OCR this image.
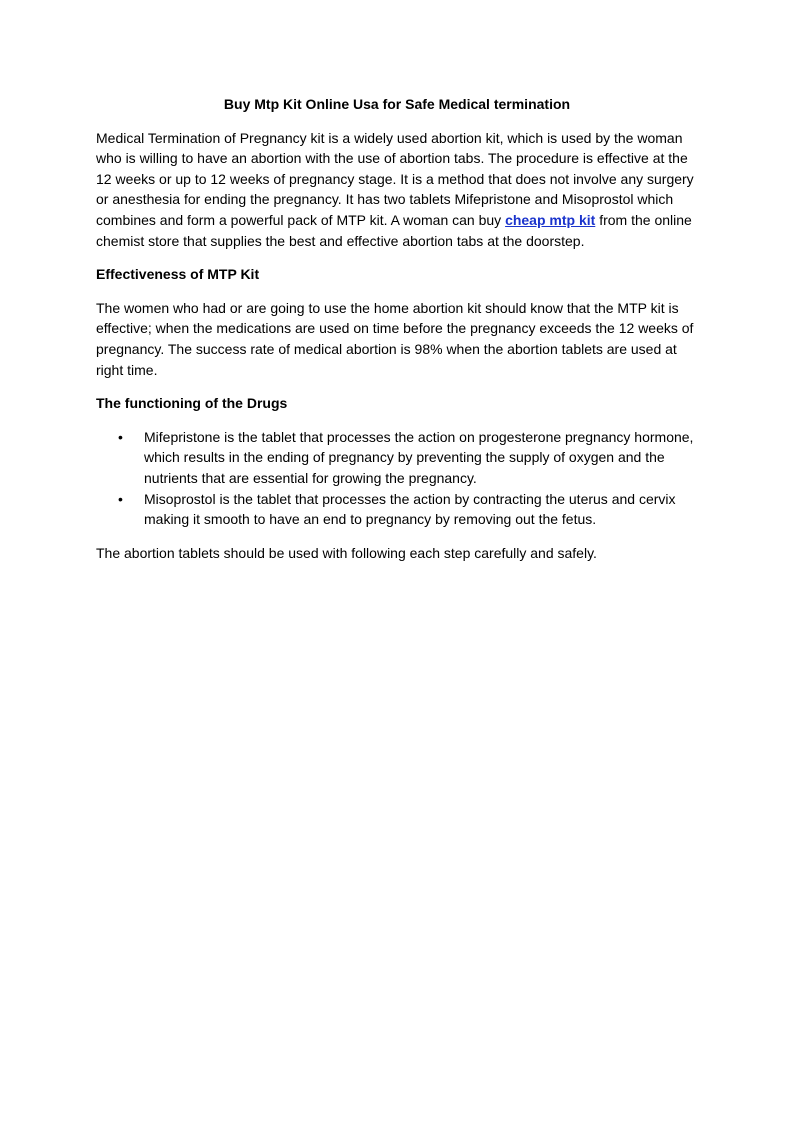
Buy Mtp Kit Online Usa for Safe Medical termination

Medical Termination of Pregnancy kit is a widely used abortion kit, which is used by the woman who is willing to have an abortion with the use of abortion tabs. The procedure is effective at the 12 weeks or up to 12 weeks of pregnancy stage. It is a method that does not involve any surgery or anesthesia for ending the pregnancy. It has two tablets Mifepristone and Misoprostol which combines and form a powerful pack of MTP kit. A woman can buy cheap mtp kit from the online chemist store that supplies the best and effective abortion tabs at the doorstep.

Effectiveness of MTP Kit

The women who had or are going to use the home abortion kit should know that the MTP kit is effective; when the medications are used on time before the pregnancy exceeds the 12 weeks of pregnancy. The success rate of medical abortion is 98% when the abortion tablets are used at right time.

The functioning of the Drugs
• Mifepristone is the tablet that processes the action on progesterone pregnancy hormone, which results in the ending of pregnancy by preventing the supply of oxygen and the nutrients that are essential for growing the pregnancy.
• Misoprostol is the tablet that processes the action by contracting the uterus and cervix making it smooth to have an end to pregnancy by removing out the fetus.

The abortion tablets should be used with following each step carefully and safely.
